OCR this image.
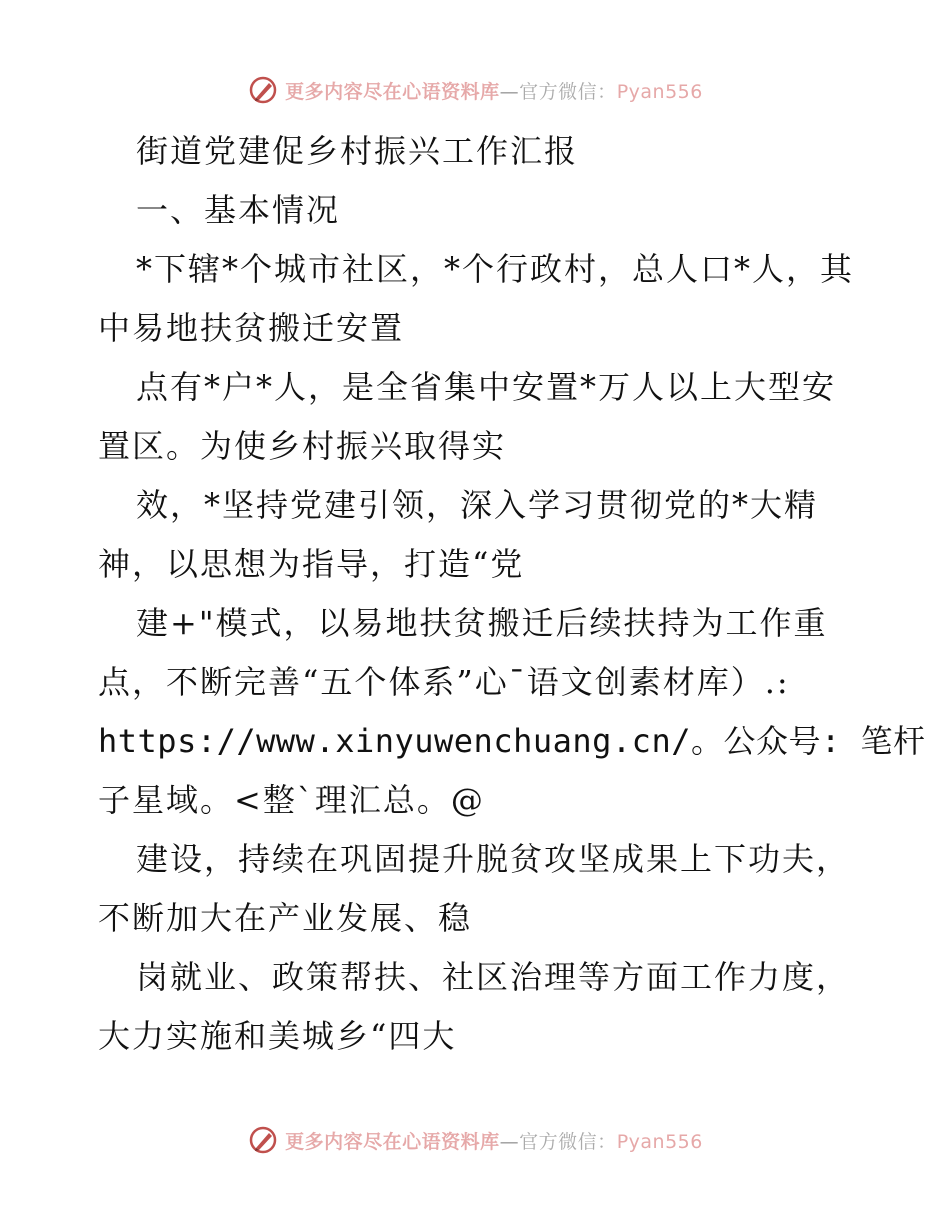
更多内容尽在心语资料库—官方微信：Pyan556
街道党建促乡村振兴工作汇报
一、基本情况
*下辖*个城市社区，*个行政村，总人口*人，其
中易地扶贫搬迁安置
点有*户*人，是全省集中安置*万人以上大型安
置区。为使乡村振兴取得实
效，*坚持党建引领，深入学习贯彻党的*大精
神，以思想为指导，打造“党
建+"模式，以易地扶贫搬迁后续扶持为工作重
点，不断完善“五个体系”心¯语文创素材库）.:
https://www.xinyuwenchuang.cn/。公众号: 笔杆
子星域。<整`理汇总。@
建设，持续在巩固提升脱贫攻坚成果上下功夫，
不断加大在产业发展、稳
岗就业、政策帮扶、社区治理等方面工作力度，
大力实施和美城乡“四大
更多内容尽在心语资料库—官方微信：Pyan556
